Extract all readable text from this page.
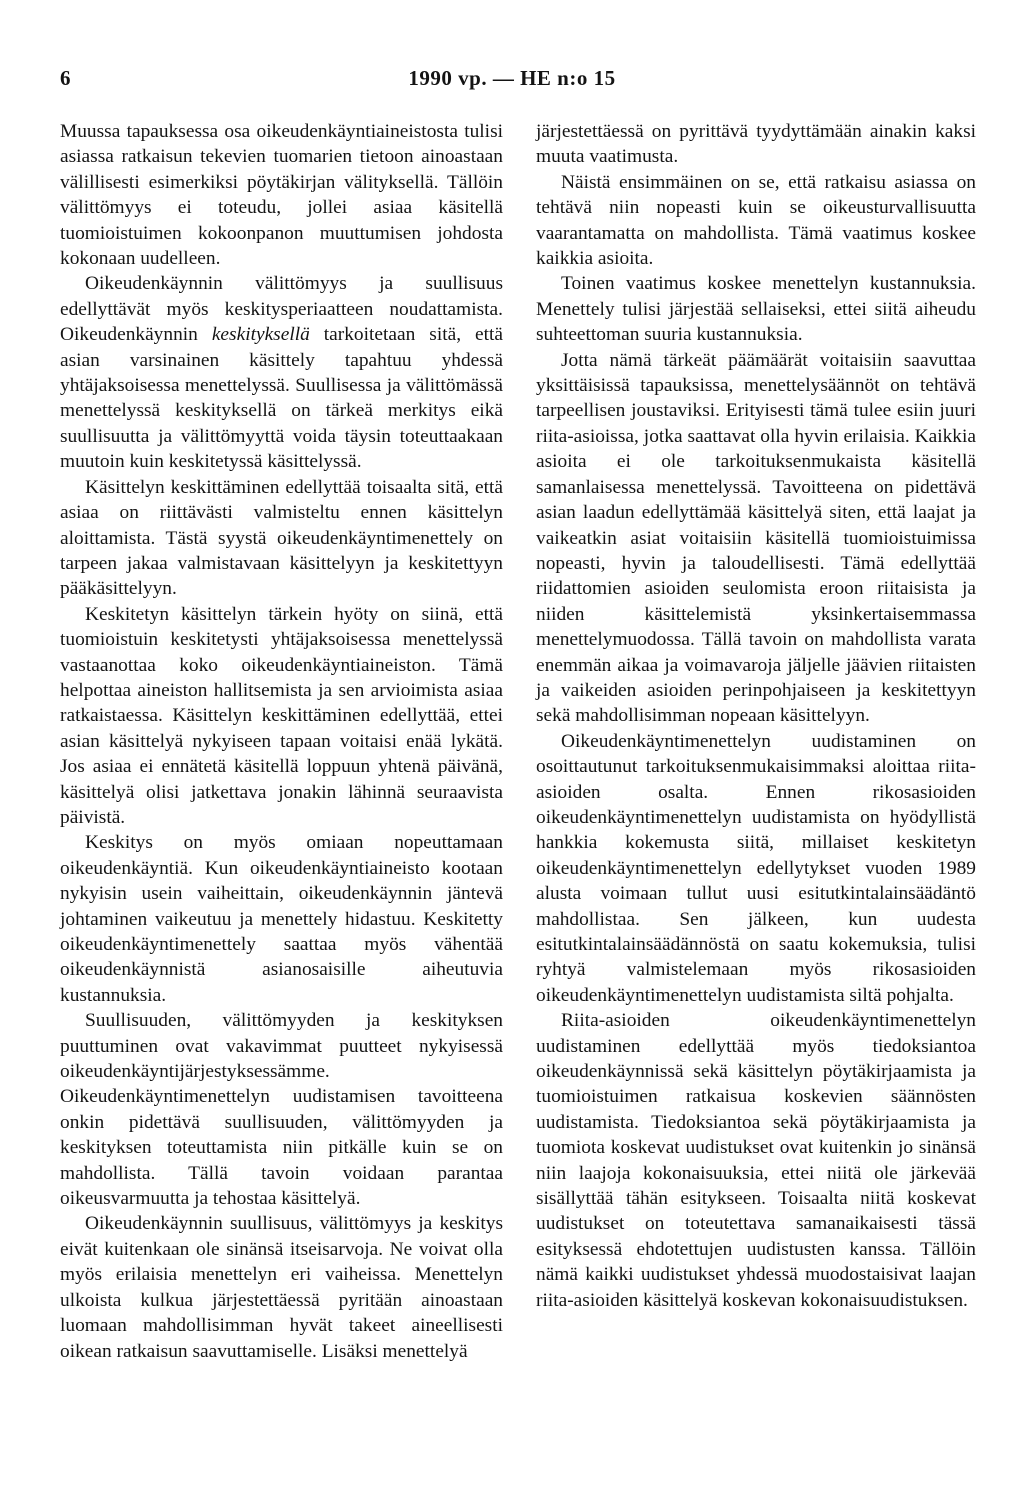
6	1990 vp. — HE n:o 15

Muussa tapauksessa osa oikeudenkäyntiaineistosta tulisi asiassa ratkaisun tekevien tuomarien tietoon ainoastaan välillisesti esimerkiksi pöytäkirjan välityksellä. Tällöin välittömyys ei toteudu, jollei asiaa käsitellä tuomioistuimen kokoonpanon muuttumisen johdosta kokonaan uudelleen.

Oikeudenkäynnin välittömyys ja suullisuus edellyttävät myös keskitysperiaatteen noudattamista. Oikeudenkäynnin keskityksellä tarkoitetaan sitä, että asian varsinainen käsittely tapahtuu yhdessä yhtäjaksoisessa menettelyssä. Suullisessa ja välittömässä menettelyssä keskityksellä on tärkeä merkitys eikä suullisuutta ja välittömyyttä voida täysin toteuttaakaan muutoin kuin keskitetyssä käsittelyssä.

Käsittelyn keskittäminen edellyttää toisaalta sitä, että asiaa on riittävästi valmisteltu ennen käsittelyn aloittamista. Tästä syystä oikeudenkäyntimenettely on tarpeen jakaa valmistavaan käsittelyyn ja keskitettyyn pääkäsittelyyn.

Keskitetyn käsittelyn tärkein hyöty on siinä, että tuomioistuin keskitetysti yhtäjaksoisessa menettelyssä vastaanottaa koko oikeudenkäyntiaineiston. Tämä helpottaa aineiston hallitsemista ja sen arvioimista asiaa ratkaistaessa. Käsittelyn keskittäminen edellyttää, ettei asian käsittelyä nykyiseen tapaan voitaisi enää lykätä. Jos asiaa ei ennätetä käsitellä loppuun yhtenä päivänä, käsittelyä olisi jatkettava jonakin lähinnä seuraavista päivistä.

Keskitys on myös omiaan nopeuttamaan oikeudenkäyntiä. Kun oikeudenkäyntiaineisto kootaan nykyisin usein vaiheittain, oikeudenkäynnin jäntevä johtaminen vaikeutuu ja menettely hidastuu. Keskitetty oikeudenkäyntimenettely saattaa myös vähentää oikeudenkäynnistä asianosaisille aiheutuvia kustannuksia.

Suullisuuden, välittömyyden ja keskityksen puuttuminen ovat vakavimmat puutteet nykyisessä oikeudenkäyntijärjestyksessämme. Oikeudenkäyntimenettelyn uudistamisen tavoitteena onkin pidettävä suullisuuden, välittömyyden ja keskityksen toteuttamista niin pitkälle kuin se on mahdollista. Tällä tavoin voidaan parantaa oikeusvarmuutta ja tehostaa käsittelyä.

Oikeudenkäynnin suullisuus, välittömyys ja keskitys eivät kuitenkaan ole sinänsä itseisarvoja. Ne voivat olla myös erilaisia menettelyn eri vaiheissa. Menettelyn ulkoista kulkua järjestettäessä pyritään ainoastaan luomaan mahdollisimman hyvät takeet aineellisesti oikean ratkaisun saavuttamiselle. Lisäksi menettelyä

järjestettäessä on pyrittävä tyydyttämään ainakin kaksi muuta vaatimusta.

Näistä ensimmäinen on se, että ratkaisu asiassa on tehtävä niin nopeasti kuin se oikeusturvallisuutta vaarantamatta on mahdollista. Tämä vaatimus koskee kaikkia asioita.

Toinen vaatimus koskee menettelyn kustannuksia. Menettely tulisi järjestää sellaiseksi, ettei siitä aiheudu suhteettoman suuria kustannuksia.

Jotta nämä tärkeät päämäärät voitaisiin saavuttaa yksittäisissä tapauksissa, menettelysäännöt on tehtävä tarpeellisen joustaviksi. Erityisesti tämä tulee esiin juuri riita-asioissa, jotka saattavat olla hyvin erilaisia. Kaikkia asioita ei ole tarkoituksenmukaista käsitellä samanlaisessa menettelyssä. Tavoitteena on pidettävä asian laadun edellyttämää käsittelyä siten, että laajat ja vaikeatkin asiat voitaisiin käsitellä tuomioistuimissa nopeasti, hyvin ja taloudellisesti. Tämä edellyttää riidattomien asioiden seulomista eroon riitaisista ja niiden käsittelemistä yksinkertaisemmassa menettelymuodossa. Tällä tavoin on mahdollista varata enemmän aikaa ja voimavaroja jäljelle jäävien riitaisten ja vaikeiden asioiden perinpohjaiseen ja keskitettyyn sekä mahdollisimman nopeaan käsittelyyn.

Oikeudenkäyntimenettelyn uudistaminen on osoittautunut tarkoituksenmukaisimmaksi aloittaa riita-asioiden osalta. Ennen rikosasioiden oikeudenkäyntimenettelyn uudistamista on hyödyllistä hankkia kokemusta siitä, millaiset keskitetyn oikeudenkäyntimenettelyn edellytykset vuoden 1989 alusta voimaan tullut uusi esitutkintalainsäädäntö mahdollistaa. Sen jälkeen, kun uudesta esitutkintalainsäädännöstä on saatu kokemuksia, tulisi ryhtyä valmistelemaan myös rikosasioiden oikeudenkäyntimenettelyn uudistamista siltä pohjalta.

Riita-asioiden oikeudenkäyntimenettelyn uudistaminen edellyttää myös tiedoksiantoa oikeudenkäynnissä sekä käsittelyn pöytäkirjaamista ja tuomioistuimen ratkaisua koskevien säännösten uudistamista. Tiedoksiantoa sekä pöytäkirjaamista ja tuomiota koskevat uudistukset ovat kuitenkin jo sinänsä niin laajoja kokonaisuuksia, ettei niitä ole järkevää sisällyttää tähän esitykseen. Toisaalta niitä koskevat uudistukset on toteutettava samanaikaisesti tässä esityksessä ehdotettujen uudistusten kanssa. Tällöin nämä kaikki uudistukset yhdessä muodostaisivat laajan riita-asioiden käsittelyä koskevan kokonaisuudistuksen.
